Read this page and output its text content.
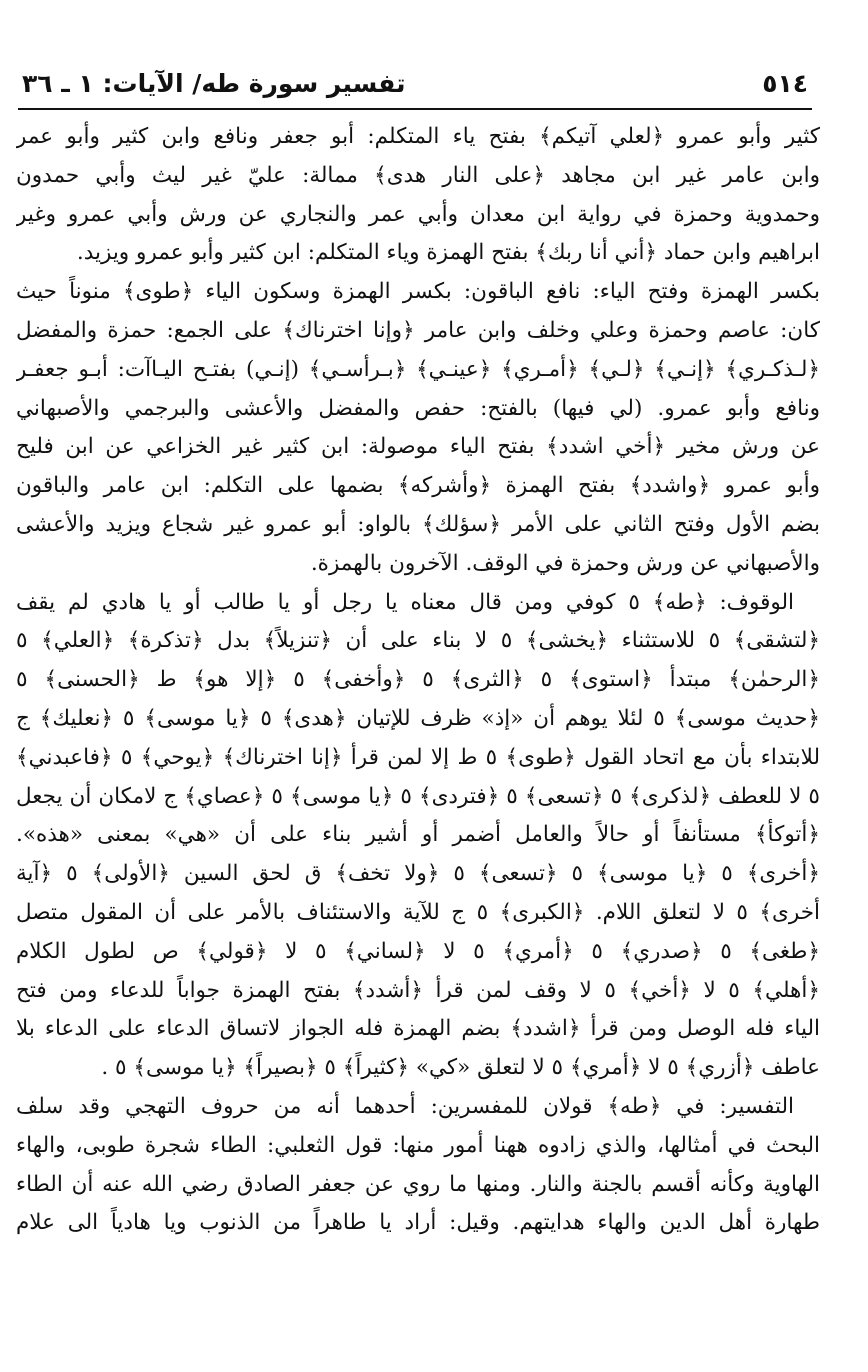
٥١٤
تفسير سورة طه/ الآيات: ١ ـ ٣٦

كثير وأبو عمرو ﴿لعلي آتيكم﴾ بفتح ياء المتكلم: أبو جعفر ونافع وابن كثير وأبو عمر
وابن عامر غير ابن مجاهد ﴿على النار هدى﴾ ممالة: عليّ غير ليث وأبي حمدون
وحمدوية وحمزة في رواية ابن معدان وأبي عمر والنجاري عن ورش وأبي عمرو وغير
ابراهيم وابن حماد ﴿أني أنا ربك﴾ بفتح الهمزة وياء المتكلم: ابن كثير وأبو عمرو ويزيد.
بكسر الهمزة وفتح الياء: نافع الباقون: بكسر الهمزة وسكون الياء ﴿طوى﴾ منوناً حيث
كان: عاصم وحمزة وعلي وخلف وابن عامر ﴿وإنا اخترناك﴾ على الجمع: حمزة والمفضل
﴿لـذكـري﴾ ﴿إنـي﴾ ﴿لـي﴾ ﴿أمـري﴾ ﴿عينـي﴾ ﴿بـرأسـي﴾ (إنـي) بفتـح اليـاآت: أبـو جعفـر
ونافع وأبو عمرو. (لي فيها) بالفتح: حفص والمفضل والأعشى والبرجمي والأصبهاني
عن ورش مخير ﴿أخي اشدد﴾ بفتح الياء موصولة: ابن كثير غير الخزاعي عن ابن فليح
وأبو عمرو ﴿واشدد﴾ بفتح الهمزة ﴿وأشركه﴾ بضمها على التكلم: ابن عامر والباقون
بضم الأول وفتح الثاني على الأمر ﴿سؤلك﴾ بالواو: أبو عمرو غير شجاع ويزيد والأعشى
والأصبهاني عن ورش وحمزة في الوقف. الآخرون بالهمزة.

الوقوف: ﴿طه﴾ ٥ كوفي ومن قال معناه يا رجل أو يا طالب أو يا هادي لم يقف
﴿لتشقى﴾ ٥ للاستثناء ﴿يخشى﴾ ٥ لا بناء على أن ﴿تنزيلاً﴾ بدل ﴿تذكرة﴾ ﴿العلي﴾ ٥
﴿الرحمٰن﴾ مبتدأ ﴿استوى﴾ ٥ ﴿الثرى﴾ ٥ ﴿وأخفى﴾ ٥ ﴿إلا هو﴾ ط ﴿الحسنى﴾ ٥
﴿حديث موسى﴾ ٥ لئلا يوهم أن «إذ» ظرف للإتيان ﴿هدى﴾ ٥ ﴿يا موسى﴾ ٥ ﴿نعليك﴾ ج
للابتداء بأن مع اتحاد القول ﴿طوى﴾ ٥ ط إلا لمن قرأ ﴿إنا اخترناك﴾ ﴿يوحي﴾ ٥ ﴿فاعبدني﴾
٥ لا للعطف ﴿لذكرى﴾ ٥ ﴿تسعى﴾ ٥ ﴿فتردى﴾ ٥ ﴿يا موسى﴾ ٥ ﴿عصاي﴾ ج لامكان أن يجعل
﴿أتوكأ﴾ مستأنفاً أو حالاً والعامل أضمر أو أشير بناء على أن «هي» بمعنى «هذه».
﴿أخرى﴾ ٥ ﴿يا موسى﴾ ٥ ﴿تسعى﴾ ٥ ﴿ولا تخف﴾ ق لحق السين ﴿الأولى﴾ ٥ ﴿آية
أخرى﴾ ٥ لا لتعلق اللام. ﴿الكبرى﴾ ٥ ج للآية والاستئناف بالأمر على أن المقول متصل
﴿طغى﴾ ٥ ﴿صدري﴾ ٥ ﴿أمري﴾ ٥ لا ﴿لساني﴾ ٥ لا ﴿قولي﴾ ص لطول الكلام
﴿أهلي﴾ ٥ لا ﴿أخي﴾ ٥ لا وقف لمن قرأ ﴿أشدد﴾ بفتح الهمزة جواباً للدعاء ومن فتح
الياء فله الوصل ومن قرأ ﴿اشدد﴾ بضم الهمزة فله الجواز لاتساق الدعاء على الدعاء بلا
عاطف ﴿أزري﴾ ٥ لا ﴿أمري﴾ ٥ لا لتعلق «كي» ﴿كثيراً﴾ ٥ ﴿بصيراً﴾ ﴿يا موسى﴾ ٥ .

التفسير: في ﴿طه﴾ قولان للمفسرين: أحدهما أنه من حروف التهجي وقد سلف
البحث في أمثالها، والذي زادوه ههنا أمور منها: قول الثعلبي: الطاء شجرة طوبى، والهاء
الهاوية وكأنه أقسم بالجنة والنار. ومنها ما روي عن جعفر الصادق رضي الله عنه أن الطاء
طهارة أهل الدين والهاء هدايتهم. وقيل: أراد يا طاهراً من الذنوب ويا هادياً الى علام
